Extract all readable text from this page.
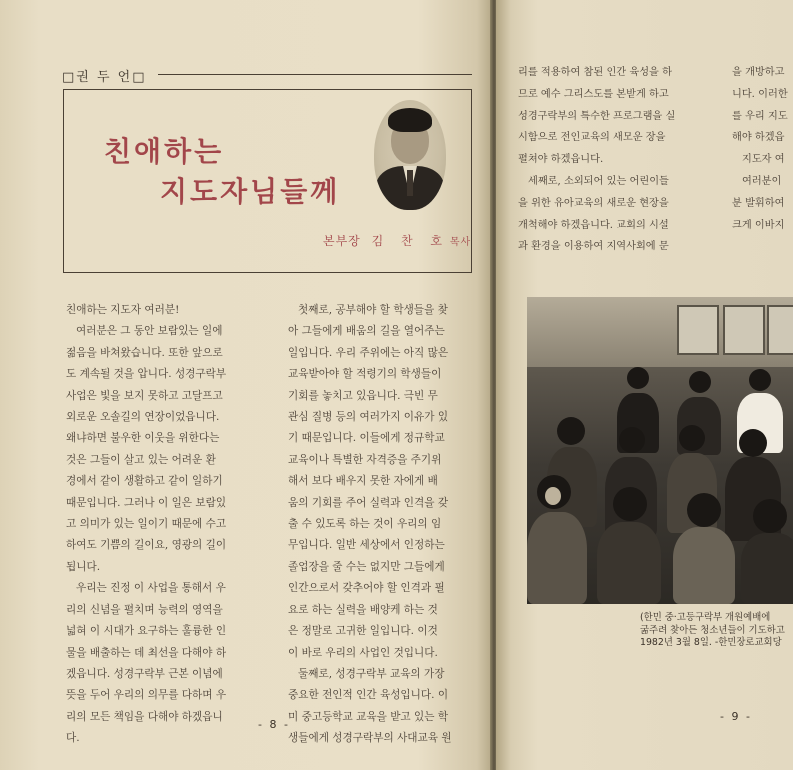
□권 두 언□
친애하는
지도자님들께
본부장 김 찬 호 목사

친애하는 지도자 여러분!

여러분은 그 동안 보람있는 일에

젊음을 바쳐왔습니다. 또한 앞으로

도 계속될 것을 압니다. 성경구락부

사업은 빛을 보지 못하고 고달프고

외로운 오솔길의 연장이었읍니다.

왜냐하면 불우한 이웃을 위한다는

것은 그들이 살고 있는 어려운 환

경에서 같이 생활하고 같이 일하기

때문입니다. 그러나 이 일은 보람있

고 의미가 있는 일이기 때문에 수고

하여도 기쁨의 길이요, 영광의 길이

됩니다.

우리는 진정 이 사업을 통해서 우

리의 신념을 펼치며 능력의 영역을

넓혀 이 시대가 요구하는 훌륭한 인

물을 배출하는 데 최선을 다해야 하

겠읍니다. 성경구락부 근본 이념에

뜻을 두어 우리의 의무를 다하며 우

리의 모든 책임을 다해야 하겠읍니

다.

첫째로, 공부해야 할 학생들을 찾

아 그들에게 배움의 길을 열어주는

일입니다. 우리 주위에는 아직 많은

교육받아야 할 적령기의 학생들이

기회를 놓치고 있읍니다. 극빈 무

관심 질병 등의 여러가지 이유가 있

기 때문입니다. 이들에게 정규학교

교육이나 특별한 자격증을 주기위

해서 보다 배우지 못한 자에게 배

움의 기회를 주어 실력과 인격을 갖

출 수 있도록 하는 것이 우리의 임

무입니다. 일반 세상에서 인정하는

졸업장을 줄 수는 없지만 그들에게

인간으로서 갖추어야 할 인격과 필

요로 하는 실력을 배양케 하는 것

은 정말로 고귀한 일입니다. 이것

이 바로 우리의 사업인 것입니다.

둘째로, 성경구락부 교육의 가장

중요한 전인적 인간 육성입니다. 이

미 중고등학교 교육을 받고 있는 학

생들에게 성경구락부의 사대교육 원

리를 적용하여 참된 인간 육성을 하

므로 예수 그리스도를 본받게 하고

성경구락부의 특수한 프로그램을 실

시함으로 전인교육의 새모운 장을

펼쳐야 하겠읍니다.

세째로, 소외되어 있는 어린이들

을 위한 유아교육의 새로운 현장을

개척해야 하겠읍니다. 교회의 시설

과 환경을 이용하여 지역사회에 문

을 개방하고

니다. 이러한

를 우리 지도

해야 하겠읍

지도자 여

여러분이

분 발휘하여

크게 이바지

(한민 중·고등구락부 개원예배에

굶주려 찾아든 청소년들이 기도하고

1982년 3월 8일. -한민장로교회당

- 8 -
- 9 -
